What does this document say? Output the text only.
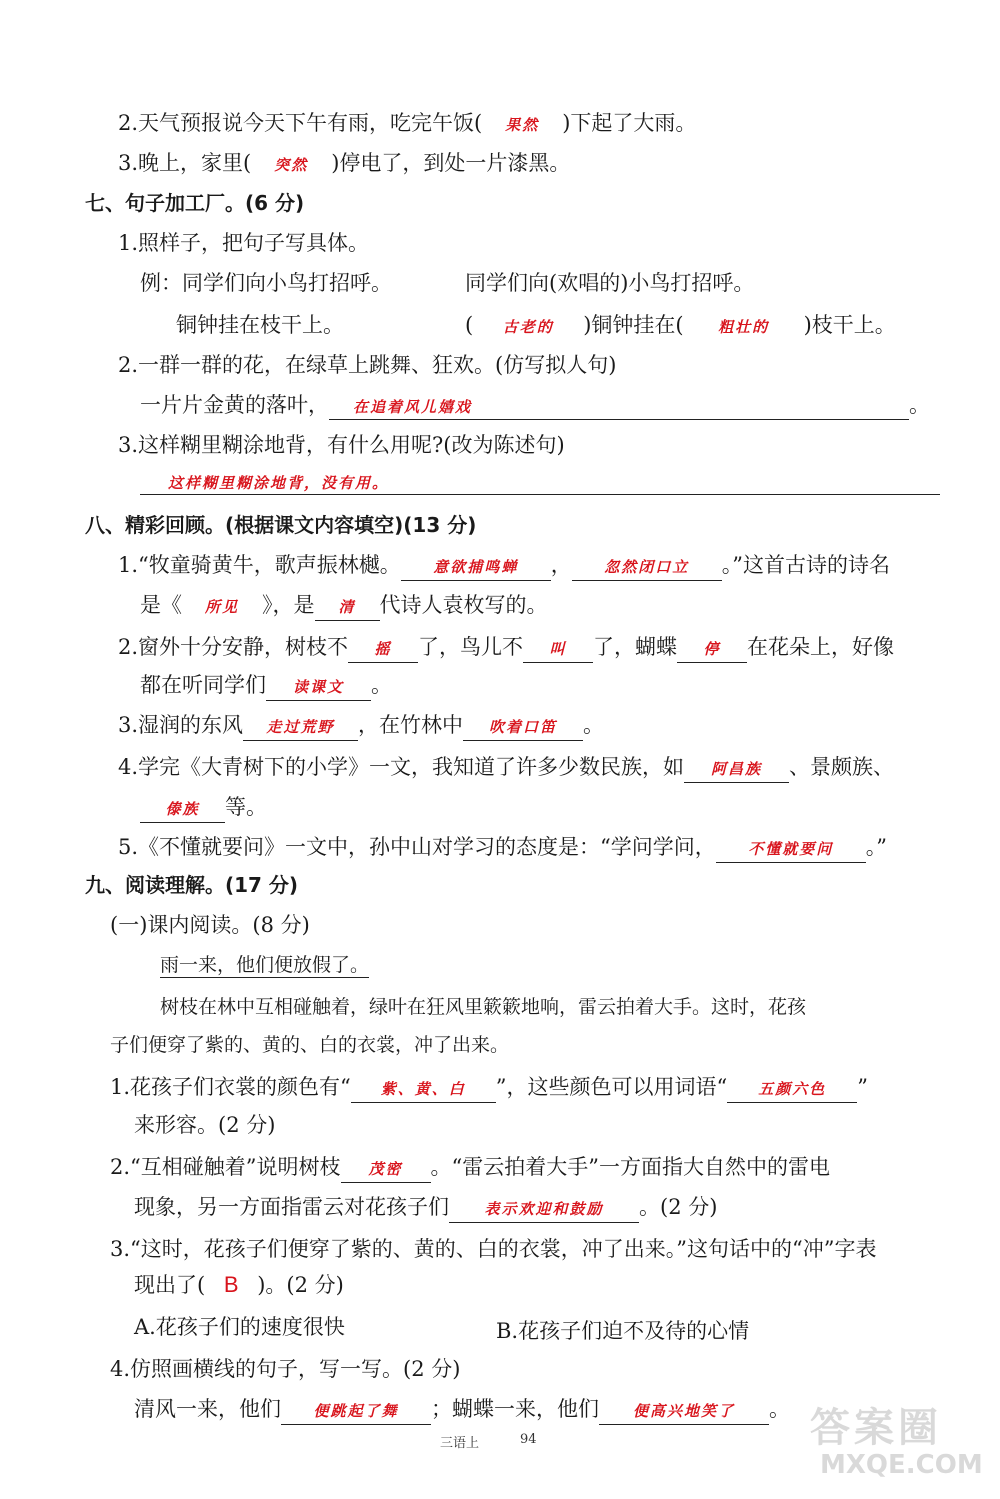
2.天气预报说今天下午有雨，吃完午饭( 果然 )下起了大雨。
3.晚上，家里( 突然 )停电了，到处一片漆黑。
七、句子加工厂。(6 分)
1.照样子，把句子写具体。
例：同学们向小鸟打招呼。	同学们向(欢唱的)小鸟打招呼。
铜钟挂在枝干上。	( 古老的 )铜钟挂在( 粗壮的 )枝干上。
2.一群一群的花，在绿草上跳舞、狂欢。(仿写拟人句)
一片片金黄的落叶， 在追着风儿嬉戏	。
3.这样糊里糊涂地背，有什么用呢?(改为陈述句)
这样糊里糊涂地背，没有用。
八、精彩回顾。(根据课文内容填空)(13 分)
1.“牧童骑黄牛，歌声振林樾。 意欲捕鸣蝉 ， 忽然闭口立 。”这首古诗的诗名
是《 所见 》，是 清 代诗人袁枚写的。
2.窗外十分安静，树枝不 摇 了，鸟儿不 叫 了，蝴蝶 停 在花朵上，好像
都在听同学们 读课文 。
3.湿润的东风 走过荒野 ，在竹林中 吹着口笛 。
4.学完《大青树下的小学》一文，我知道了许多少数民族，如 阿昌族 、景颇族、
傣族 等。
5.《不懂就要问》一文中，孙中山对学习的态度是：“学问学问， 不懂就要问 。”
九、阅读理解。(17 分)
(一)课内阅读。(8 分)
雨一来，他们便放假了。
树枝在林中互相碰触着，绿叶在狂风里簌簌地响，雷云拍着大手。这时，花孩
子们便穿了紫的、黄的、白的衣裳，冲了出来。
1.花孩子们衣裳的颜色有“ 紫、黄、白 ”，这些颜色可以用词语“ 五颜六色 ”
来形容。(2 分)
2.“互相碰触着”说明树枝 茂密 。“雷云拍着大手”一方面指大自然中的雷电
现象，另一方面指雷云对花孩子们 表示欢迎和鼓励 。(2 分)
3.“这时，花孩子们便穿了紫的、黄的、白的衣裳，冲了出来。”这句话中的“冲”字表
现出了( B )。(2 分)
A.花孩子们的速度很快	B.花孩子们迫不及待的心情
4.仿照画横线的句子，写一写。(2 分)
清风一来，他们 便跳起了舞 ；蝴蝶一来，他们 便高兴地笑了 。
三语上	94	答案圈
MXQE.COM
